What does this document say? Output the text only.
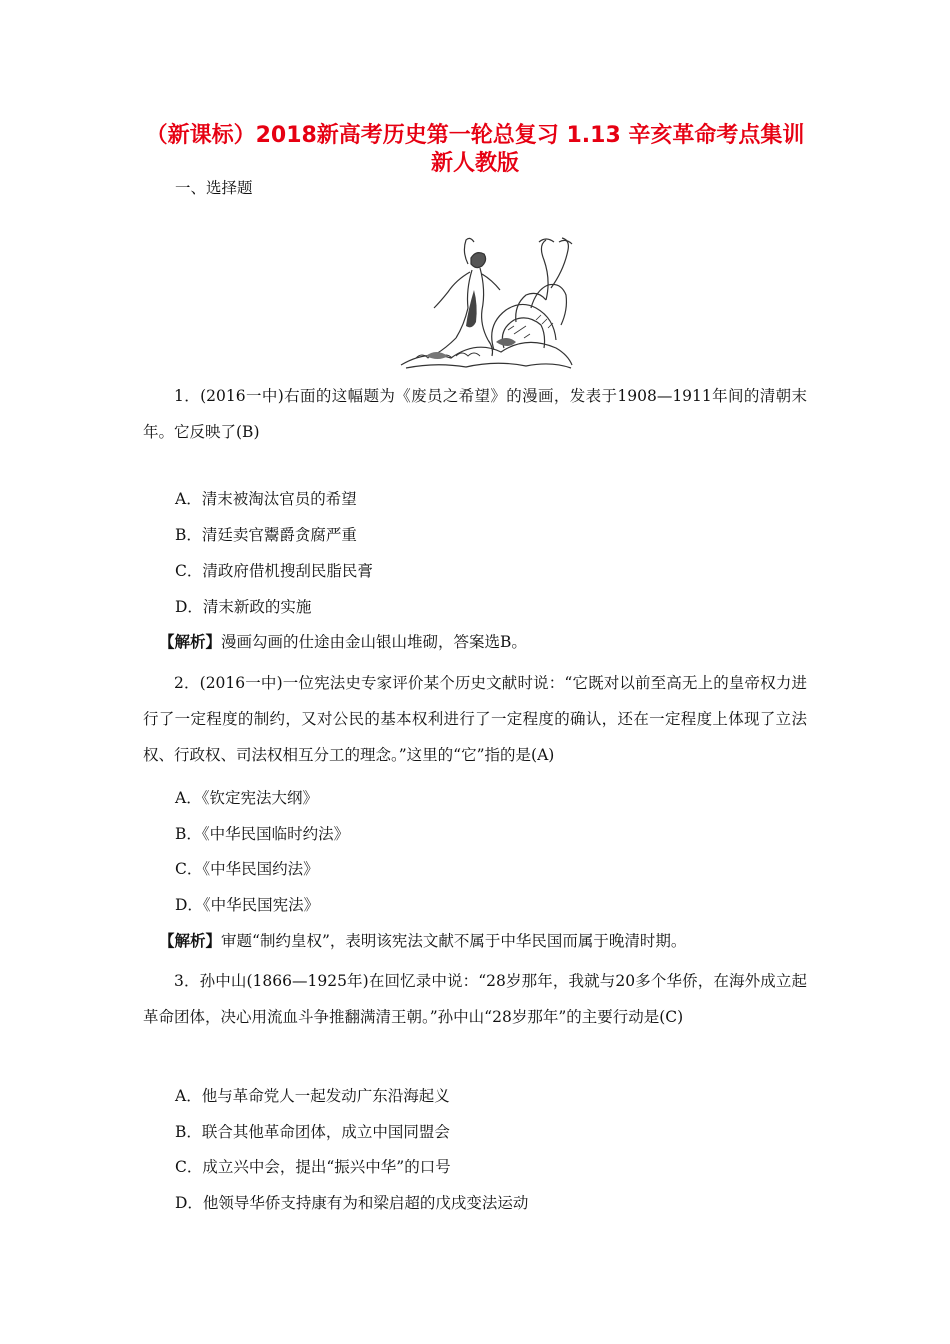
（新课标）2018新高考历史第一轮总复习 1.13 辛亥革命考点集训
新人教版
一、选择题

1．(2016一中)右面的这幅题为《废员之希望》的漫画，发表于1908—1911年间的清朝末年。它反映了(B)

A．清末被淘汰官员的希望
B．清廷卖官鬻爵贪腐严重
C．清政府借机搜刮民脂民膏
D．清末新政的实施
【解析】漫画勾画的仕途由金山银山堆砌，答案选B。

2．(2016一中)一位宪法史专家评价某个历史文献时说：“它既对以前至高无上的皇帝权力进行了一定程度的制约，又对公民的基本权利进行了一定程度的确认，还在一定程度上体现了立法权、行政权、司法权相互分工的理念。”这里的“它”指的是(A)

A．《钦定宪法大纲》
B．《中华民国临时约法》
C．《中华民国约法》
D．《中华民国宪法》
【解析】审题“制约皇权”，表明该宪法文献不属于中华民国而属于晚清时期。

3．孙中山(1866—1925年)在回忆录中说：“28岁那年，我就与20多个华侨，在海外成立起革命团体，决心用流血斗争推翻满清王朝。”孙中山“28岁那年”的主要行动是(C)

A．他与革命党人一起发动广东沿海起义
B．联合其他革命团体，成立中国同盟会
C．成立兴中会，提出“振兴中华”的口号
D．他领导华侨支持康有为和梁启超的戊戌变法运动
